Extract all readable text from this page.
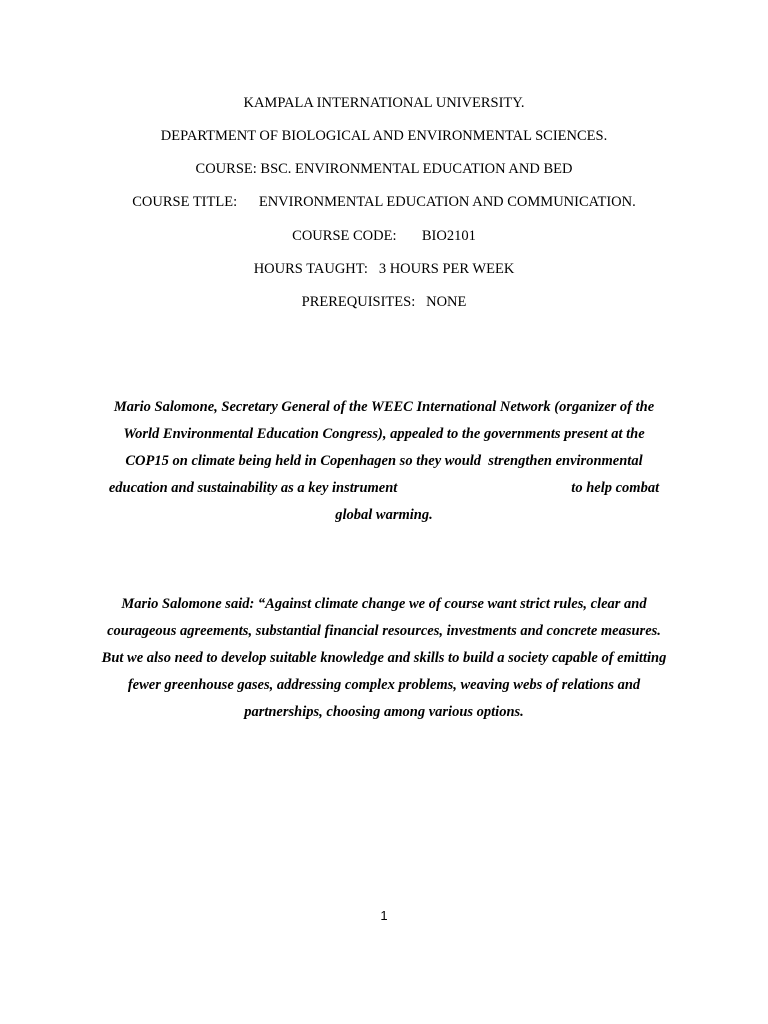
KAMPALA INTERNATIONAL UNIVERSITY.
DEPARTMENT OF BIOLOGICAL AND ENVIRONMENTAL SCIENCES.
COURSE: BSC. ENVIRONMENTAL EDUCATION AND BED
COURSE TITLE:      ENVIRONMENTAL EDUCATION AND COMMUNICATION.
COURSE CODE:       BIO2101
HOURS TAUGHT:   3 HOURS PER WEEK
PREREQUISITES:   NONE
Mario Salomone, Secretary General of the WEEC International Network (organizer of the
World Environmental Education Congress), appealed to the governments present at the
COP15 on climate being held in Copenhagen so they would  strengthen environmental
education and sustainability as a key instrument                                                to help combat
global warming.
Mario Salomone said: “Against climate change we of course want strict rules, clear and
courageous agreements, substantial financial resources, investments and concrete measures.
But we also need to develop suitable knowledge and skills to build a society capable of emitting
fewer greenhouse gases, addressing complex problems, weaving webs of relations and
partnerships, choosing among various options.
1
